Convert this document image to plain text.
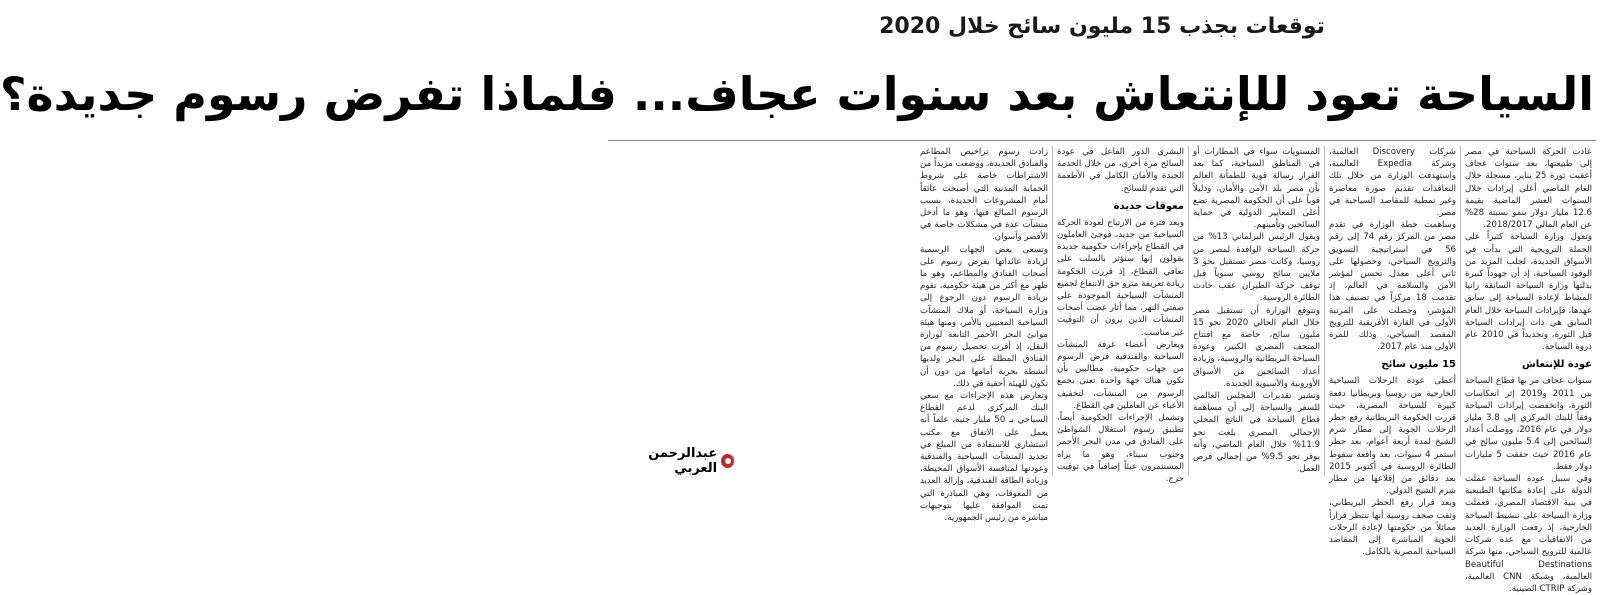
توقعات بجذب 15 مليون سائح خلال 2020
السياحة تعود للإنتعاش بعد سنوات عجاف... فلماذا تفرض رسوم جديدة؟

عادت الحركة السياحية في مصر إلى طبيعتها، بعد سنوات عجاف أعقبت ثورة 25 يناير، مسجلة خلال العام الماضي أعلى إيرادات خلال السنوات العشر الماضية بقيمة 12.6 مليار دولار بنمو نسبته 28% عن العام المالي 2018/2017.

وتعول وزارة السياحة كثيراً على الحملة الترويجية التي بدأت في الأسواق الجديدة، لجلب المزيد من الوفود السياحية، إذ أن جهوداً كبيرة بذلتها وزارة السياحة السابقة رانيا المشاط لإعادة السياحة إلى سابق عهدها، فإيرادات السياحة خلال العام السابق هي ذات إيرادات السياحة قبل الثورة، وتحديداً في 2010 عام ذروة السياحة.

عودة للإنتعاش

سنوات عجاف مر بها قطاع السياحة بين 2011 و2019 إثر انعكاسات الثورة، وانخفضت إيرادات السياحة وفقاً للبنك المركزي إلى 3.8 مليار دولار في عام 2016، ووصلت أعداد السائحين إلى 5.4 مليون سائح في عام 2016 حيث حققت 5 مليارات دولار فقط.

وفي سبيل عودة السياحة عملت الدولة على إعادة مكانتها الطبيعية في بنية الاقتصاد المصري، فعملت وزارة السياحة على تنشيط السياحة الخارجية، إذ رفعت الوزارة العديد من الاتفاقيات مع عدة شركات عالمية للترويج السياحي، منها شركة Beautiful Destinations العالمية، وشبكة CNN العالمية، وشركة CTRIP الصينية.

شركات Discovery العالمية، وشركة Expedia العالمية، واستهدفت الوزارة من خلال تلك التعاقدات تقديم صورة معاصرة وغير نمطية للمقاصد السياحية في مصر.

وساهمت خطة الوزارة في تقدم مصر من المركز رقم 74 إلى رقم 56 في استراتيجية التسويق والترويج السياحي، وحصولها على ثاني أعلى معدل تحسن لمؤشر الأمن والسلامة في العالم، إذ تقدمت 18 مركزاً في تصنيف هذا المؤشر، وحصلت على المرتبة الأولى في القارة الأفريقية للترويج المقصد السياحي، وذلك للمرة الأولى منذ عام 2017.

15 مليون سائح

أعطى عودة الرحلات السياحية الخارجية من روسيا وبريطانيا دفعة كبيرة للسياحة المصرية، حيث قررت الحكومة البريطانية رفع حظر الرحلات الجوية إلى مطار شرم الشيخ لمدة أربعة أعوام، بعد حظر استمر 4 سنوات، بعد واقعة سقوط الطائرة الروسية في أكتوبر 2015 بعد دقائق من إقلاعها من مطار شرم الشيخ الدولي.

وبعد قرار رفع الحظر البريطاني، وثقت صحف روسية أنها تنتظر قراراً مماثلاً من حكومتها لإعادة الرحلات الجوية المباشرة إلى المقاصد السياحية المصرية بالكامل.

المستويات سواء في المطارات أو في المناطق السياحية، كما بعد القرار رسالة قوية للطمأنة العالم بأن مصر بلد الأمن والأمان، ودليلاً قوياً على أن الحكومة المصرية تضع أعلى المعايير الدولية في حماية السائحين وتأمينهم.

ويقول الرئيس البرلماني 13% من حركة السياحة الوافدة لمصر من روسيا، وكانت مصر تستقبل نحو 3 ملايين سائح روسي سنوياً قبل توقف حركة الطيران عقب حادث الطائرة الروسية.

وتتوقع الوزارة أن تستقبل مصر خلال العام الحالي 2020 نحو 15 مليون سائح، خاصة مع افتتاح المتحف المصري الكبير، وعودة السياحة البريطانية والروسية، وزيادة أعداد السائحين من الأسواق الأوروبية والآسيوية الجديدة.

وتشير تقديرات المجلس العالمي للسفر والسياحة إلى أن مساهمة قطاع السياحة في الناتج المحلي الإجمالي المصري بلغت نحو 11.9% خلال العام الماضي، وأنه يوفر نحو 9.5% من إجمالي فرص العمل.

البشري الدور الفاعل في عودة السائح مرة أخرى، من خلال الخدمة الجيدة والأمان الكامل في الأطعمة التي تقدم للسائح.

معوقات جديدة

وبعد فترة من الارتياح لعودة الحركة السياحية من جديد، فوجئ العاملون في القطاع بإجراءات حكومية جديدة يقولون إنها ستؤثر بالسلب على تعافي القطاع، إذ قررت الحكومة زيادة تعريفة مترو حق الانتفاع لجميع المنشآت السياحية الموجودة على ضفتي النهر، مما أثار غضب أصحاب المنشآت الذين يرون أن التوقيت غير مناسب.

ويعارض أعضاء غرفة المنشآت السياحية والفندقية فرض الرسوم من جهات حكومية، مطالبين بأن تكون هناك جهة واحدة تعنى بجمع الرسوم من المنشآت، لتخفيف الأعباء عن العاملين في القطاع.

وتشمل الإجراءات الحكومية أيضاً، تطبيق رسوم استغلال الشواطئ على الفنادق في مدن البحر الأحمر وجنوب سيناء، وهو ما يراه المستثمرون عبئاً إضافياً في توقيت حرج.

زادت رسوم تراخيص المطاعم والفنادق الجديدة، ووضعت مزيداً من الاشتراطات خاصة على شروط الحماية المدنية التي أصبحت عائقاً أمام المشروعات الجديدة، بسبب الرسوم المبالغ فيها، وهو ما أدخل منشآت عدة في مشكلات خاصة في الأقصر وأسوان.

وتسعى بعض الجهات الرسمية لزيادة عائداتها بفرض رسوم على أصحاب الفنادق والمطاعم، وهو ما ظهر مع أكثر من هيئة حكومية، تقوم بزيادة الرسوم دون الرجوع إلى وزارة السياحة، أو ملاك المنشآت السياحية المعنيين بالأمر، ومنها هيئة موانئ البحر الأحمر التابعة لوزارة النقل، إذ أقرت تحصيل رسوم من الفنادق المطلة على البحر ولديها أنشطة بحرية أمامها من دون أن تكون للهيئة أحقية في ذلك.

وتعارض هذه الإجراءات مع سعي البنك المركزي لدعم القطاع السياحي بـ 50 مليار جنيه، علماً أنه يعمل على الاتفاق مع مكتب استشاري للاستفادة من المبلغ في تجديد المنشآت السياحية والفندقية وعودتها لمنافسة الأسواق المحيطة، وزيادة الطاقة الفندقية، وإزالة العديد من المعوقات، وهي المبادرة التي تمت الموافقة عليها بتوجيهات مباشرة من رئيس الجمهورية.

عبدالرحمن العربي
